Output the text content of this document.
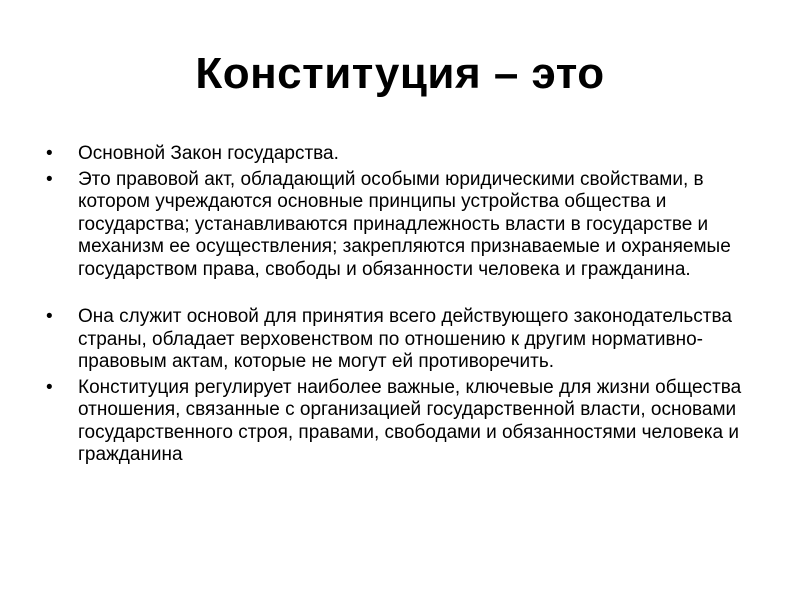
Конституция – это
•	Основной Закон государства.
•	Это правовой акт, обладающий особыми юридическими свойствами, в котором учреждаются основные принципы устройства общества и государства; устанавливаются принадлежность власти в государстве и механизм ее осуществления; закрепляются признаваемые и охраняемые государством права, свободы и обязанности человека и гражданина.
•	Она служит основой для принятия всего действующего законодательства страны, обладает верховенством по отношению к другим нормативно-правовым актам, которые не могут ей противоречить.
•	Конституция регулирует наиболее важные, ключевые для жизни общества отношения, связанные с организацией государственной власти, основами государственного строя, правами, свободами и обязанностями человека и гражданина
